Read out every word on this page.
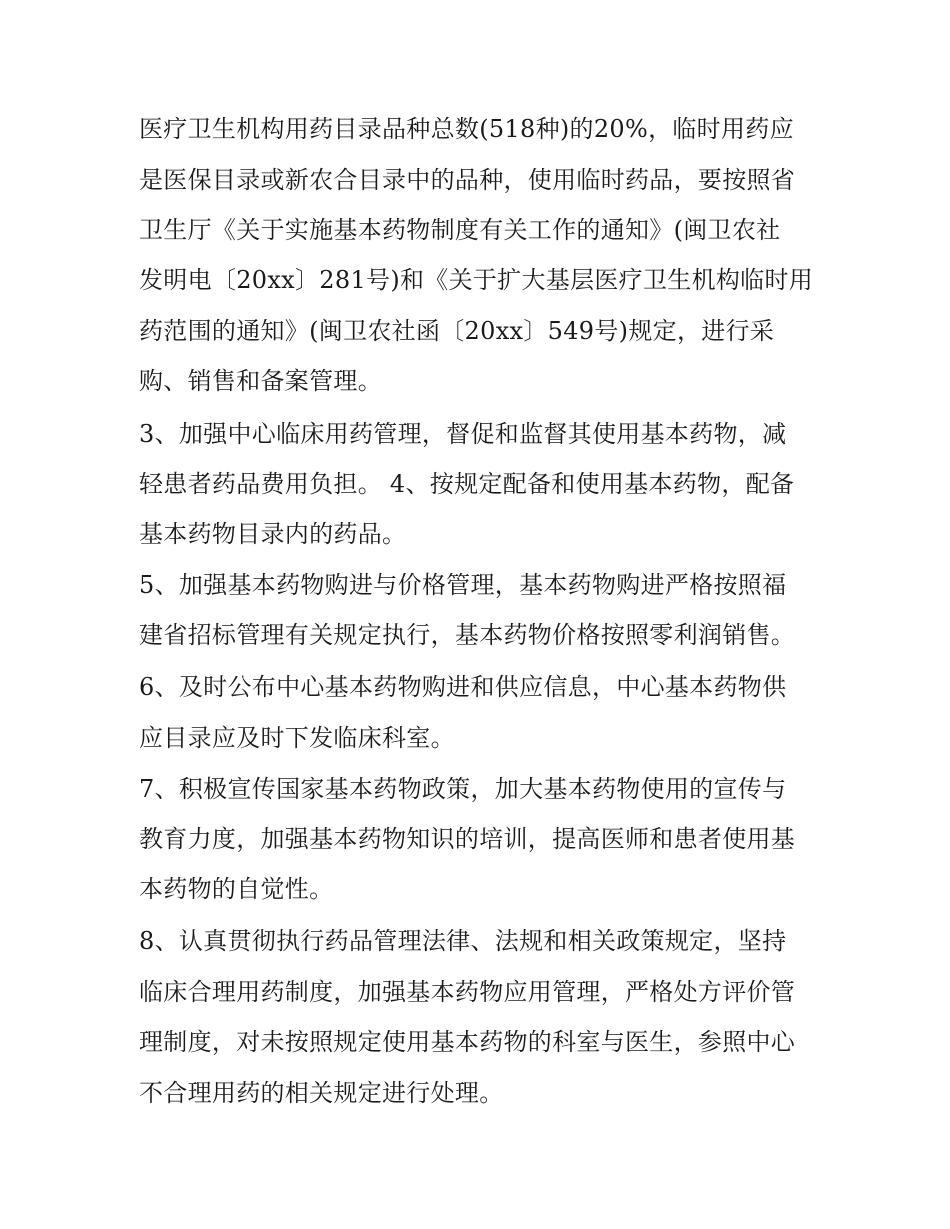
医疗卫生机构用药目录品种总数(518种)的20%，临时用药应
是医保目录或新农合目录中的品种，使用临时药品，要按照省
卫生厅《关于实施基本药物制度有关工作的通知》(闽卫农社
发明电〔20xx〕281号)和《关于扩大基层医疗卫生机构临时用
药范围的通知》(闽卫农社函〔20xx〕549号)规定，进行采
购、销售和备案管理。
3、加强中心临床用药管理，督促和监督其使用基本药物，减
轻患者药品费用负担。 4、按规定配备和使用基本药物，配备
基本药物目录内的药品。
5、加强基本药物购进与价格管理，基本药物购进严格按照福
建省招标管理有关规定执行，基本药物价格按照零利润销售。
6、及时公布中心基本药物购进和供应信息，中心基本药物供
应目录应及时下发临床科室。
7、积极宣传国家基本药物政策，加大基本药物使用的宣传与
教育力度，加强基本药物知识的培训，提高医师和患者使用基
本药物的自觉性。
8、认真贯彻执行药品管理法律、法规和相关政策规定，坚持
临床合理用药制度，加强基本药物应用管理，严格处方评价管
理制度，对未按照规定使用基本药物的科室与医生，参照中心
不合理用药的相关规定进行处理。
